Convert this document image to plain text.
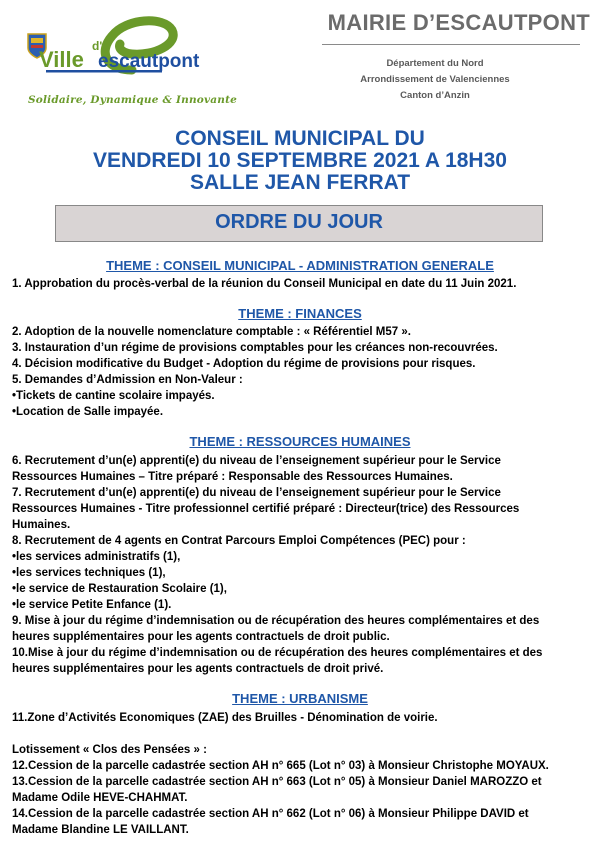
Ville
d'
escautpont
Solidaire, Dynamique & Innovante
MAIRIE D’ESCAUTPONT
Département du Nord
Arrondissement de Valenciennes
Canton d’Anzin
CONSEIL MUNICIPAL DU
VENDREDI 10 SEPTEMBRE 2021 A 18H30
SALLE JEAN FERRAT
ORDRE DU JOUR
THEME : CONSEIL MUNICIPAL - ADMINISTRATION GENERALE
THEME : FINANCES
THEME : RESSOURCES HUMAINES
THEME : URBANISME
1. Approbation du procès-verbal de la réunion du Conseil Municipal en date du 11 Juin 2021.
2. Adoption de la nouvelle nomenclature comptable : « Référentiel M57 ».
3. Instauration d’un régime de provisions comptables pour les créances non-recouvrées.
4. Décision modificative du Budget - Adoption du régime de provisions pour risques.
5. Demandes d’Admission en Non-Valeur :
•Tickets de cantine scolaire impayés.
•Location de Salle impayée.
6. Recrutement d’un(e) apprenti(e) du niveau de l’enseignement supérieur pour le Service
Ressources Humaines – Titre préparé : Responsable des Ressources Humaines.
7. Recrutement d’un(e) apprenti(e) du niveau de l’enseignement supérieur pour le Service
Ressources Humaines - Titre professionnel certifié préparé : Directeur(trice) des Ressources
Humaines.
8. Recrutement de 4 agents en Contrat Parcours Emploi Compétences (PEC) pour :
•les services administratifs (1),
•les services techniques (1),
•le service de Restauration Scolaire (1),
•le service Petite Enfance (1).
9. Mise à jour du régime d’indemnisation ou de récupération des heures complémentaires et des
heures supplémentaires pour les agents contractuels de droit public.
10.Mise à jour du régime d’indemnisation ou de récupération des heures complémentaires et des
heures supplémentaires pour les agents contractuels de droit privé.
11.Zone d’Activités Economiques (ZAE) des Bruilles - Dénomination de voirie.
Lotissement « Clos des Pensées » :
12.Cession de la parcelle cadastrée section AH n° 665 (Lot n° 03) à Monsieur Christophe MOYAUX.
13.Cession de la parcelle cadastrée section AH n° 663 (Lot n° 05) à Monsieur Daniel MAROZZO et
Madame Odile HEVE-CHAHMAT.
14.Cession de la parcelle cadastrée section AH n° 662 (Lot n° 06) à Monsieur Philippe DAVID et
Madame Blandine LE VAILLANT.
